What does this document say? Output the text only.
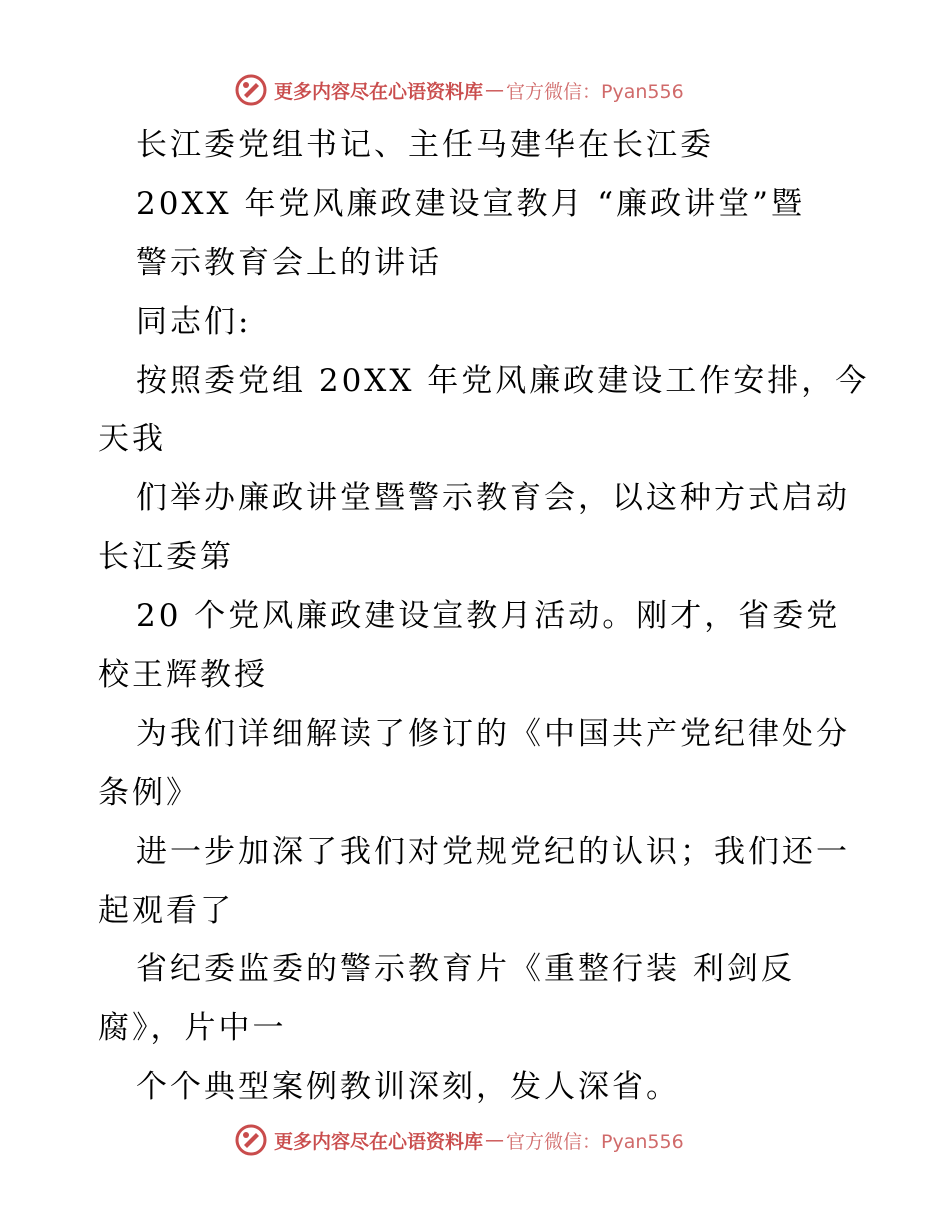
更多内容尽在心语资料库 — 官方微信：Pyan556
长江委党组书记、主任马建华在长江委
20XX 年党风廉政建设宣教月 “廉政讲堂”暨
警示教育会上的讲话
同志们:
按照委党组 20XX 年党风廉政建设工作安排，今
天我
们举办廉政讲堂暨警示教育会，以这种方式启动
长江委第
20 个党风廉政建设宣教月活动。刚才，省委党
校王辉教授
为我们详细解读了修订的《中国共产党纪律处分
条例》
进一步加深了我们对党规党纪的认识；我们还一
起观看了
省纪委监委的警示教育片《重整行装 利剑反
腐》，片中一
个个典型案例教训深刻，发人深省。
更多内容尽在心语资料库 — 官方微信：Pyan556
